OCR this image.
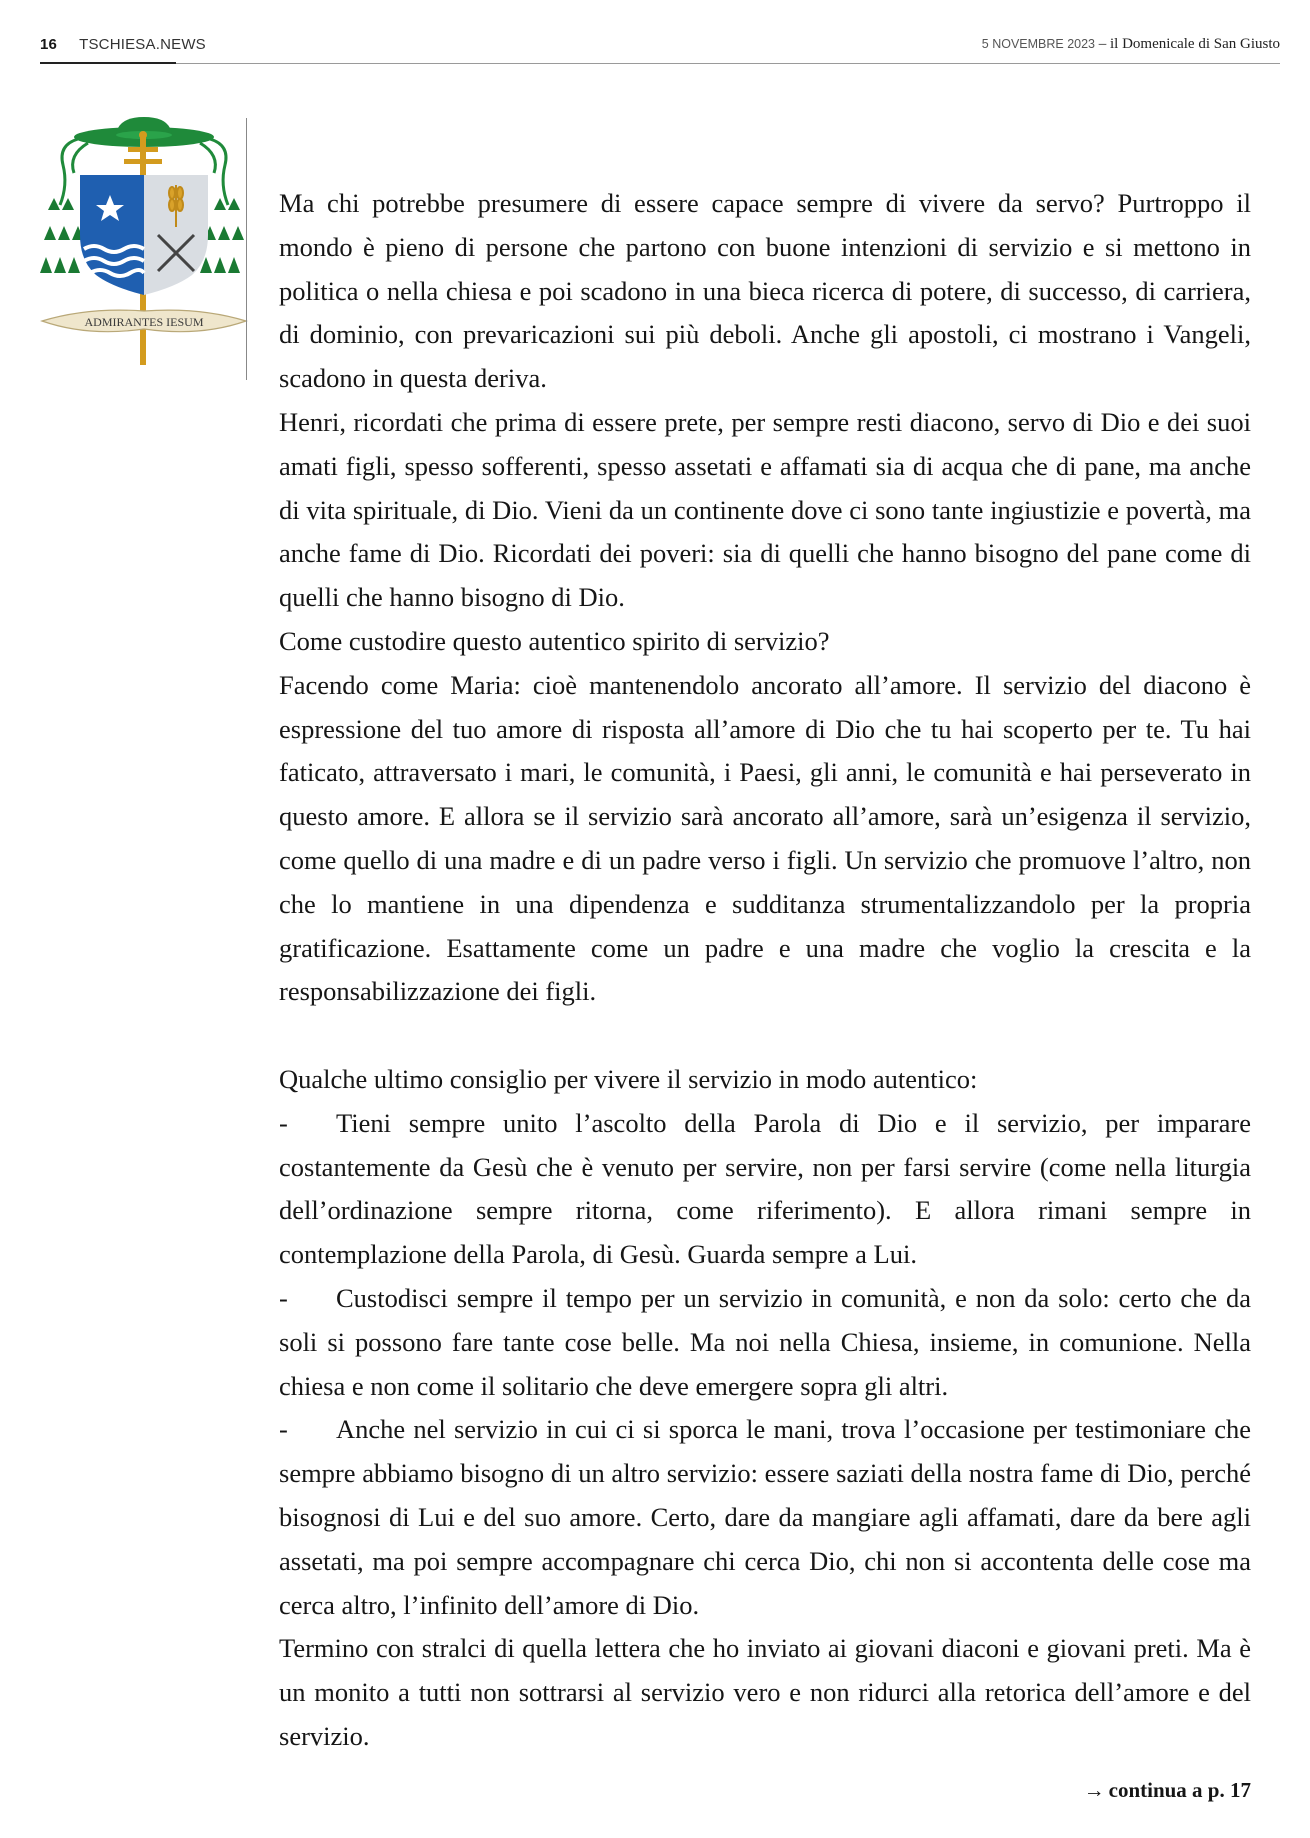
16 TSCHIESA.NEWS	5 NOVEMBRE 2023 – il Domenicale di San Giusto
ADMIRANTES IESUM

Ma chi potrebbe presumere di essere capace sempre di vivere da servo? Purtroppo il mondo è pieno di persone che partono con buone intenzioni di servizio e si mettono in politica o nella chiesa e poi scadono in una bieca ricerca di potere, di successo, di carriera, di dominio, con prevaricazioni sui più deboli. Anche gli apostoli, ci mostrano i Vangeli, scadono in questa deriva.

Henri, ricordati che prima di essere prete, per sempre resti diacono, servo di Dio e dei suoi amati figli, spesso sofferenti, spesso assetati e affamati sia di acqua che di pane, ma anche di vita spirituale, di Dio. Vieni da un continente dove ci sono tante ingiustizie e povertà, ma anche fame di Dio. Ricordati dei poveri: sia di quelli che hanno bisogno del pane come di quelli che hanno bisogno di Dio.

Come custodire questo autentico spirito di servizio?

Facendo come Maria: cioè mantenendolo ancorato all’amore. Il servizio del diacono è espressione del tuo amore di risposta all’amore di Dio che tu hai scoperto per te. Tu hai faticato, attraversato i mari, le comunità, i Paesi, gli anni, le comunità e hai perseverato in questo amore. E allora se il servizio sarà ancorato all’amore, sarà un’esigenza il servizio, come quello di una madre e di un padre verso i figli. Un servizio che promuove l’altro, non che lo mantiene in una dipendenza e sudditanza strumentalizzandolo per la propria gratificazione. Esattamente come un padre e una madre che voglio la crescita e la responsabilizzazione dei figli.

Qualche ultimo consiglio per vivere il servizio in modo autentico:

- Tieni sempre unito l’ascolto della Parola di Dio e il servizio, per imparare costantemente da Gesù che è venuto per servire, non per farsi servire (come nella liturgia dell’ordinazione sempre ritorna, come riferimento). E allora rimani sempre in contemplazione della Parola, di Gesù. Guarda sempre a Lui.

- Custodisci sempre il tempo per un servizio in comunità, e non da solo: certo che da soli si possono fare tante cose belle. Ma noi nella Chiesa, insieme, in comunione. Nella chiesa e non come il solitario che deve emergere sopra gli altri.

- Anche nel servizio in cui ci si sporca le mani, trova l’occasione per testimoniare che sempre abbiamo bisogno di un altro servizio: essere saziati della nostra fame di Dio, perché bisognosi di Lui e del suo amore. Certo, dare da mangiare agli affamati, dare da bere agli assetati, ma poi sempre accompagnare chi cerca Dio, chi non si accontenta delle cose ma cerca altro, l’infinito dell’amore di Dio.

Termino con stralci di quella lettera che ho inviato ai giovani diaconi e giovani preti. Ma è un monito a tutti non sottrarsi al servizio vero e non ridurci alla retorica dell’amore e del servizio.

→ continua a p. 17
